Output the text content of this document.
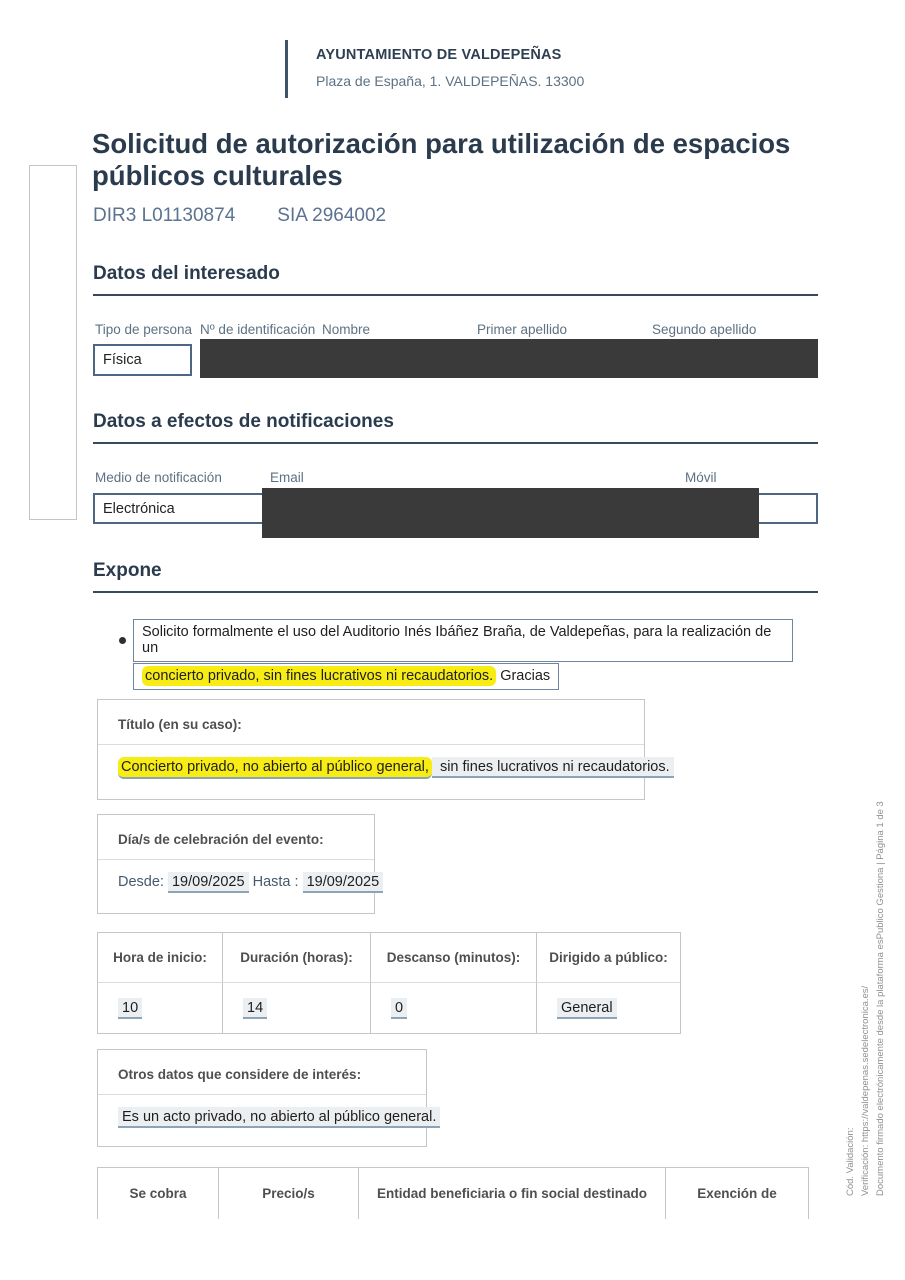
AYUNTAMIENTO DE VALDEPEÑAS
Plaza de España, 1. VALDEPEÑAS. 13300
Solicitud de autorización para utilización de espacios públicos culturales
DIR3 L01130874 SIA 2964002
Datos del interesado
Tipo de persona Nº de identificación Nombre	Primer apellido	Segundo apellido
Física
Datos a efectos de notificaciones
Medio de notificación	Email	Móvil
Electrónica
Expone
Solicito formalmente el uso del Auditorio Inés Ibáñez Braña, de Valdepeñas, para la realización de un
concierto privado, sin fines lucrativos ni recaudatorios. Gracias
Título (en su caso):
Concierto privado, no abierto al público general, sin fines lucrativos ni recaudatorios.
Día/s de celebración del evento:
Desde: 19/09/2025 Hasta : 19/09/2025
Hora de inicio:	Duración (horas):	Descanso (minutos):	Dirigido a público:
10	14	0	General
Otros datos que considere de interés:
Es un acto privado, no abierto al público general.
Se cobra	Precio/s	Entidad beneficiaria o fin social destinado	Exención de	Cód. Validación: Verificación: https://valdepenas.sedelectronica.es/ Documento firmado electrónicamente desde la plataforma esPublico Gestiona | Página 1 de 3
